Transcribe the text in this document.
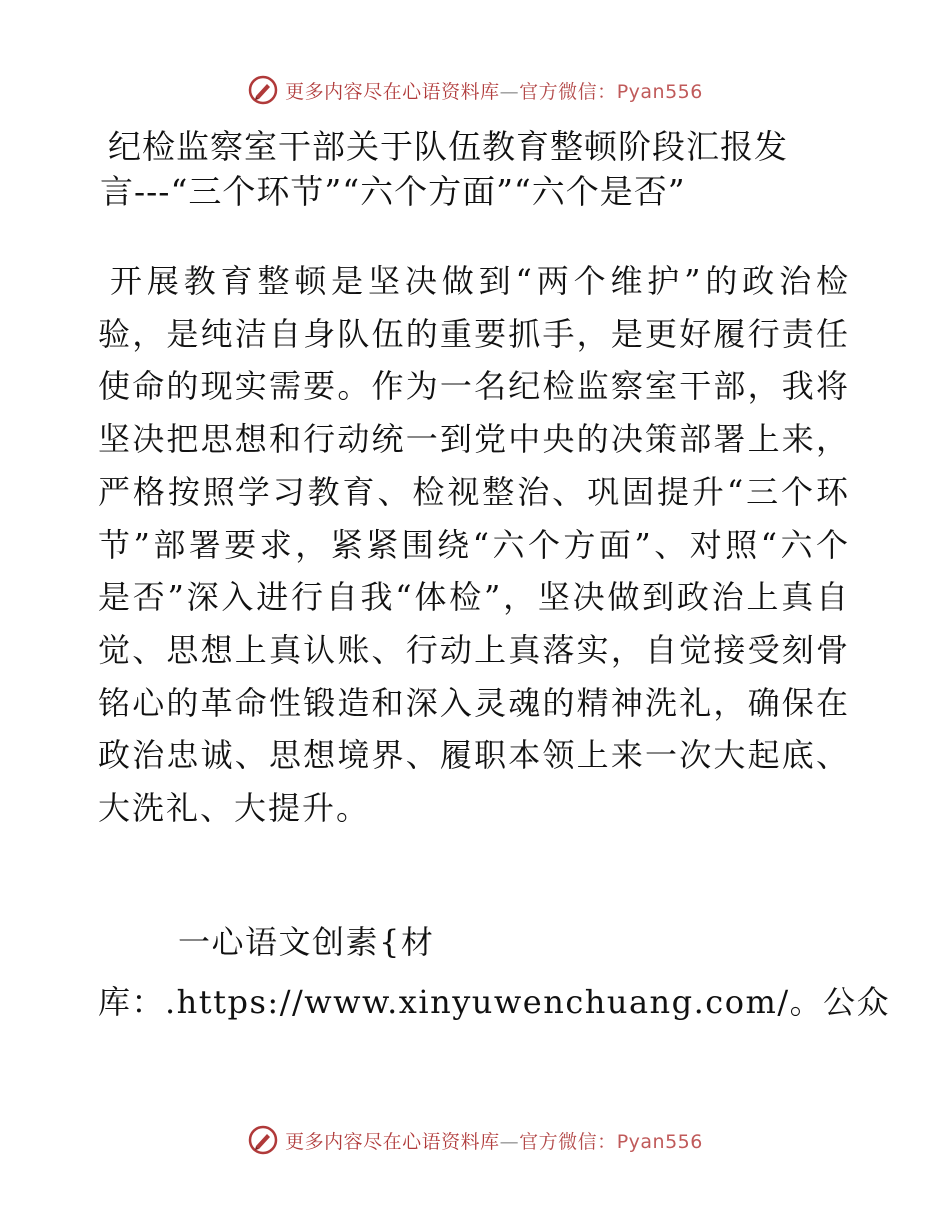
更多内容尽在心语资料库—官方微信：Pyan556
纪检监察室干部关于队伍教育整顿阶段汇报发
言---“三个环节”“六个方面”“六个是否”
开展教育整顿是坚决做到“两个维护”的政治检验，是纯洁自身队伍的重要抓手，是更好履行责任使命的现实需要。作为一名纪检监察室干部，我将坚决把思想和行动统一到党中央的决策部署上来，严格按照学习教育、检视整治、巩固提升“三个环节”部署要求，紧紧围绕“六个方面”、对照“六个是否”深入进行自我“体检”，坚决做到政治上真自觉、思想上真认账、行动上真落实，自觉接受刻骨铭心的革命性锻造和深入灵魂的精神洗礼，确保在政治忠诚、思想境界、履职本领上来一次大起底、大洗礼、大提升。
一心语文创素{材
库：.https://www.xinyuwenchuang.com/。公众
更多内容尽在心语资料库—官方微信：Pyan556
